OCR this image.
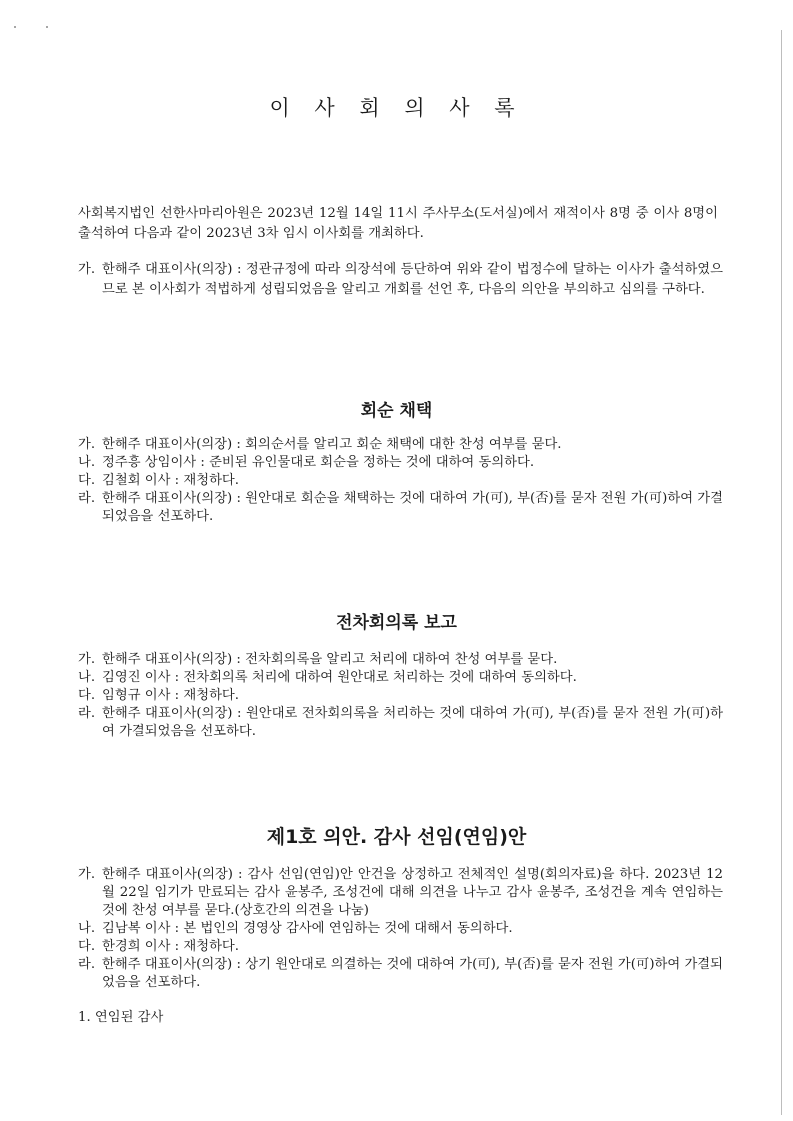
이 사 회 의 사 록

사회복지법인 선한사마리아원은 2023년 12월 14일 11시 주사무소(도서실)에서 재적이사 8명 중 이사 8명이 출석하여 다음과 같이 2023년 3차 임시 이사회를 개최하다.

가. 한해주 대표이사(의장) : 정관규정에 따라 의장석에 등단하여 위와 같이 법정수에 달하는 이사가 출석하였으므로 본 이사회가 적법하게 성립되었음을 알리고 개회를 선언 후, 다음의 의안을 부의하고 심의를 구하다.
회순 채택
가. 한해주 대표이사(의장) : 회의순서를 알리고 회순 채택에 대한 찬성 여부를 묻다.
나. 정주흥 상임이사 : 준비된 유인물대로 회순을 정하는 것에 대하여 동의하다.
다. 김철회 이사 : 재청하다.
라. 한해주 대표이사(의장) : 원안대로 회순을 채택하는 것에 대하여 가(可), 부(否)를 묻자 전원 가(可)하여 가결되었음을 선포하다.
전차회의록 보고
가. 한해주 대표이사(의장) : 전차회의록을 알리고 처리에 대하여 찬성 여부를 묻다.
나. 김영진 이사 : 전차회의록 처리에 대하여 원안대로 처리하는 것에 대하여 동의하다.
다. 임형규 이사 : 재청하다.
라. 한해주 대표이사(의장) : 원안대로 전차회의록을 처리하는 것에 대하여 가(可), 부(否)를 묻자 전원 가(可)하여 가결되었음을 선포하다.
제1호 의안. 감사 선임(연임)안
가. 한해주 대표이사(의장) : 감사 선임(연임)안 안건을 상정하고 전체적인 설명(회의자료)을 하다. 2023년 12월 22일 임기가 만료되는 감사 윤봉주, 조성건에 대해 의견을 나누고 감사 윤봉주, 조성건을 계속 연임하는 것에 찬성 여부를 묻다.(상호간의 의견을 나눔)
나. 김남복 이사 : 본 법인의 경영상 감사에 연임하는 것에 대해서 동의하다.
다. 한경희 이사 : 재청하다.
라. 한해주 대표이사(의장) : 상기 원안대로 의결하는 것에 대하여 가(可), 부(否)를 묻자 전원 가(可)하여 가결되었음을 선포하다.
1. 연임된 감사
